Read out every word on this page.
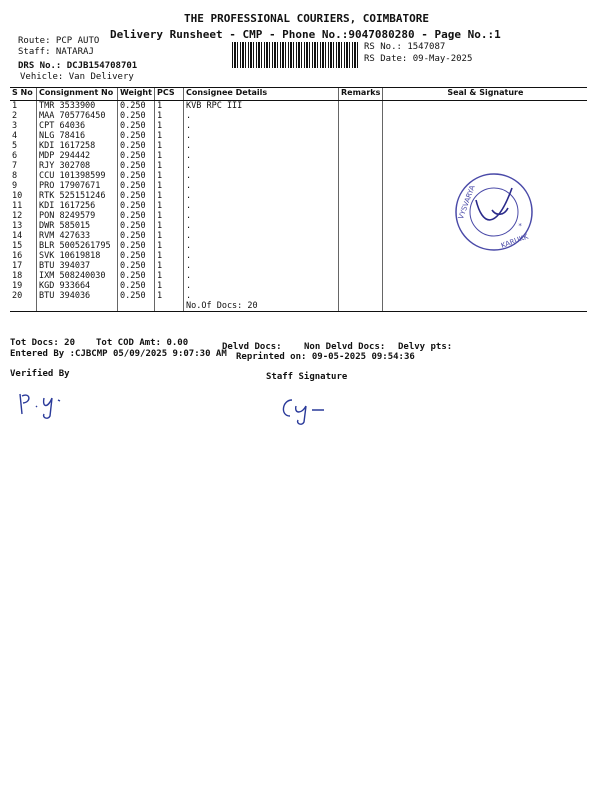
THE PROFESSIONAL COURIERS, COIMBATORE
Delivery Runsheet - CMP - Phone No.:9047080280 - Page No.:1
Route: PCP AUTO
Staff: NATARAJ
DRS No.: DCJB154708701
Vehicle: Van Delivery
RS No.: 1547087
RS Date: 09-May-2025
S No	Consignment No	Weight	PCS	Consignee Details	Remarks	Seal & Signature
1	TMR 3533900	0.250	1	KVB RPC III		
2	MAA 705776450	0.250	1	.		
3	CPT 64036	0.250	1	.		
4	NLG 78416	0.250	1	.		
5	KDI 1617258	0.250	1	.		
6	MDP 294442	0.250	1	.		
7	RJY 302708	0.250	1	.		
8	CCU 101398599	0.250	1	.		
9	PRO 17907671	0.250	1	.		
10	RTK 525151246	0.250	1	.		
11	KDI 1617256	0.250	1	.		
12	PON 8249579	0.250	1	.		
13	DWR 585015	0.250	1	.		
14	RVM 427633	0.250	1	.		
15	BLR 5005261795	0.250	1	.		
16	SVK 10619818	0.250	1	.		
17	BTU 394037	0.250	1	.		
18	IXM 508240030	0.250	1	.		
19	KGD 933664	0.250	1	.		
20	BTU 394036	0.250	1	.		
				No.Of Docs: 20		
VYSVARYA
KARUKK
*
Tot Docs: 20 Tot COD Amt: 0.00	Delvd Docs: Non Delvd Docs: Delvy pts:
Entered By :CJBCMP 05/09/2025 9:07:30 AM Reprinted on: 09-05-2025 09:54:36
Verified By	Staff Signature
